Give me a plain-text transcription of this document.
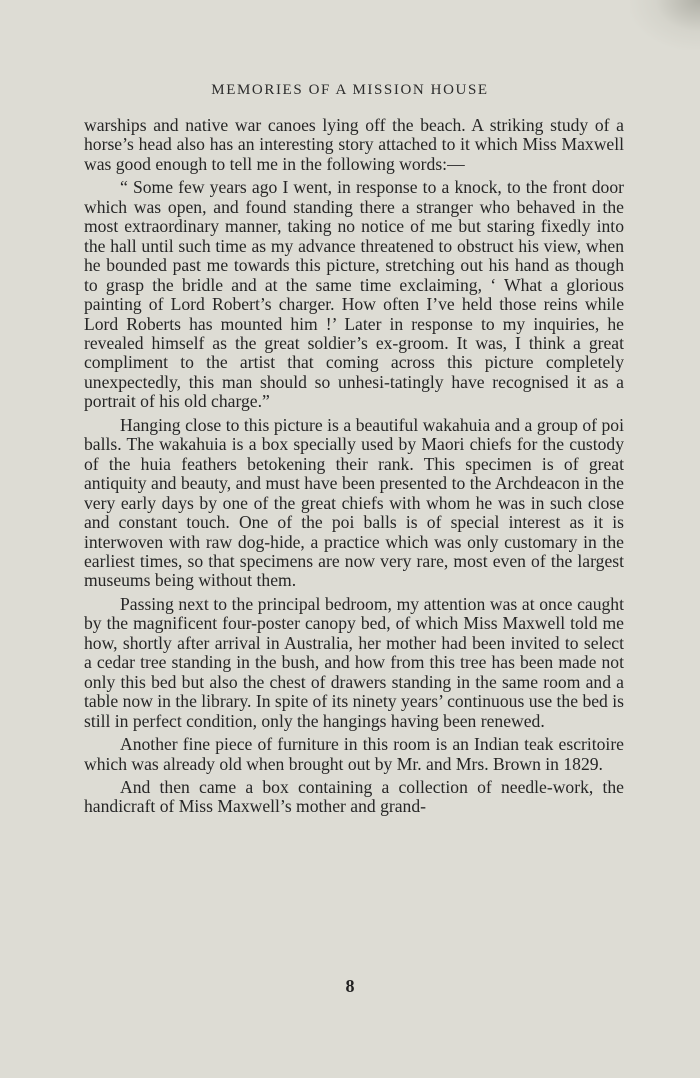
MEMORIES OF A MISSION HOUSE

warships and native war canoes lying off the beach. A striking study of a horse’s head also has an interesting story attached to it which Miss Maxwell was good enough to tell me in the following words:—

“ Some few years ago I went, in response to a knock, to the front door which was open, and found standing there a stranger who behaved in the most extraordinary manner, taking no notice of me but staring fixedly into the hall until such time as my advance threatened to obstruct his view, when he bounded past me towards this picture, stretching out his hand as though to grasp the bridle and at the same time exclaiming, ‘ What a glorious painting of Lord Robert’s charger. How often I’ve held those reins while Lord Roberts has mounted him !’ Later in response to my inquiries, he revealed himself as the great soldier’s ex-groom. It was, I think a great compliment to the artist that coming across this picture completely unexpectedly, this man should so unhesi-tatingly have recognised it as a portrait of his old charge.”

Hanging close to this picture is a beautiful wakahuia and a group of poi balls. The wakahuia is a box specially used by Maori chiefs for the custody of the huia feathers betokening their rank. This specimen is of great antiquity and beauty, and must have been presented to the Archdeacon in the very early days by one of the great chiefs with whom he was in such close and constant touch. One of the poi balls is of special interest as it is interwoven with raw dog-hide, a practice which was only customary in the earliest times, so that specimens are now very rare, most even of the largest museums being without them.

Passing next to the principal bedroom, my attention was at once caught by the magnificent four-poster canopy bed, of which Miss Maxwell told me how, shortly after arrival in Australia, her mother had been invited to select a cedar tree standing in the bush, and how from this tree has been made not only this bed but also the chest of drawers standing in the same room and a table now in the library. In spite of its ninety years’ continuous use the bed is still in perfect condition, only the hangings having been renewed.

Another fine piece of furniture in this room is an Indian teak escritoire which was already old when brought out by Mr. and Mrs. Brown in 1829.

And then came a box containing a collection of needle-work, the handicraft of Miss Maxwell’s mother and grand-

8
